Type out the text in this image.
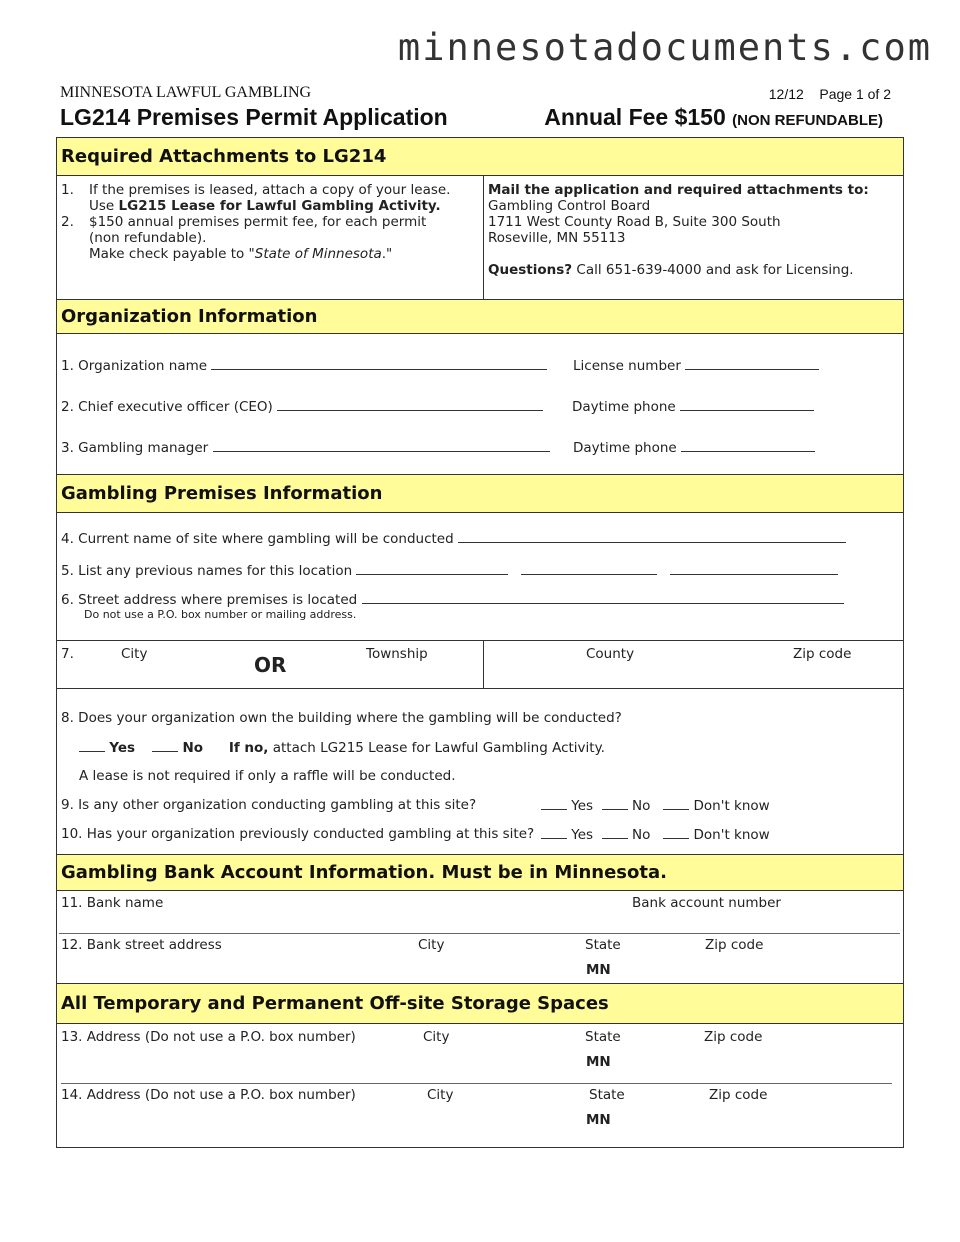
minnesotadocuments.com
MINNESOTA LAWFUL GAMBLING	12/12 Page 1 of 2
LG214 Premises Permit Application	Annual Fee $150 (NON REFUNDABLE)
Required Attachments to LG214
1. If the premises is leased, attach a copy of your lease.
Use LG215 Lease for Lawful Gambling Activity.
2. $150 annual premises permit fee, for each permit
(non refundable).
Make check payable to "State of Minnesota."
Mail the application and required attachments to:
Gambling Control Board
1711 West County Road B, Suite 300 South
Roseville, MN 55113
Questions? Call 651-639-4000 and ask for Licensing.
Organization Information
1. Organization name	License number
2. Chief executive officer (CEO)	Daytime phone
3. Gambling manager	Daytime phone
Gambling Premises Information
4. Current name of site where gambling will be conducted
5. List any previous names for this location
6. Street address where premises is located
Do not use a P.O. box number or mailing address.
7.	City	OR	Township	County	Zip code
8. Does your organization own the building where the gambling will be conducted?
Yes	No If no, attach LG215 Lease for Lawful Gambling Activity.
A lease is not required if only a raffle will be conducted.
9. Is any other organization conducting gambling at this site?	Yes	No	Don't know
10. Has your organization previously conducted gambling at this site?	Yes	No	Don't know
Gambling Bank Account Information. Must be in Minnesota.
11. Bank name	Bank account number
12. Bank street address	City	State	Zip code
MN
All Temporary and Permanent Off-site Storage Spaces
13. Address (Do not use a P.O. box number)	City	State	Zip code
MN
14. Address (Do not use a P.O. box number)	City	State	Zip code
MN
